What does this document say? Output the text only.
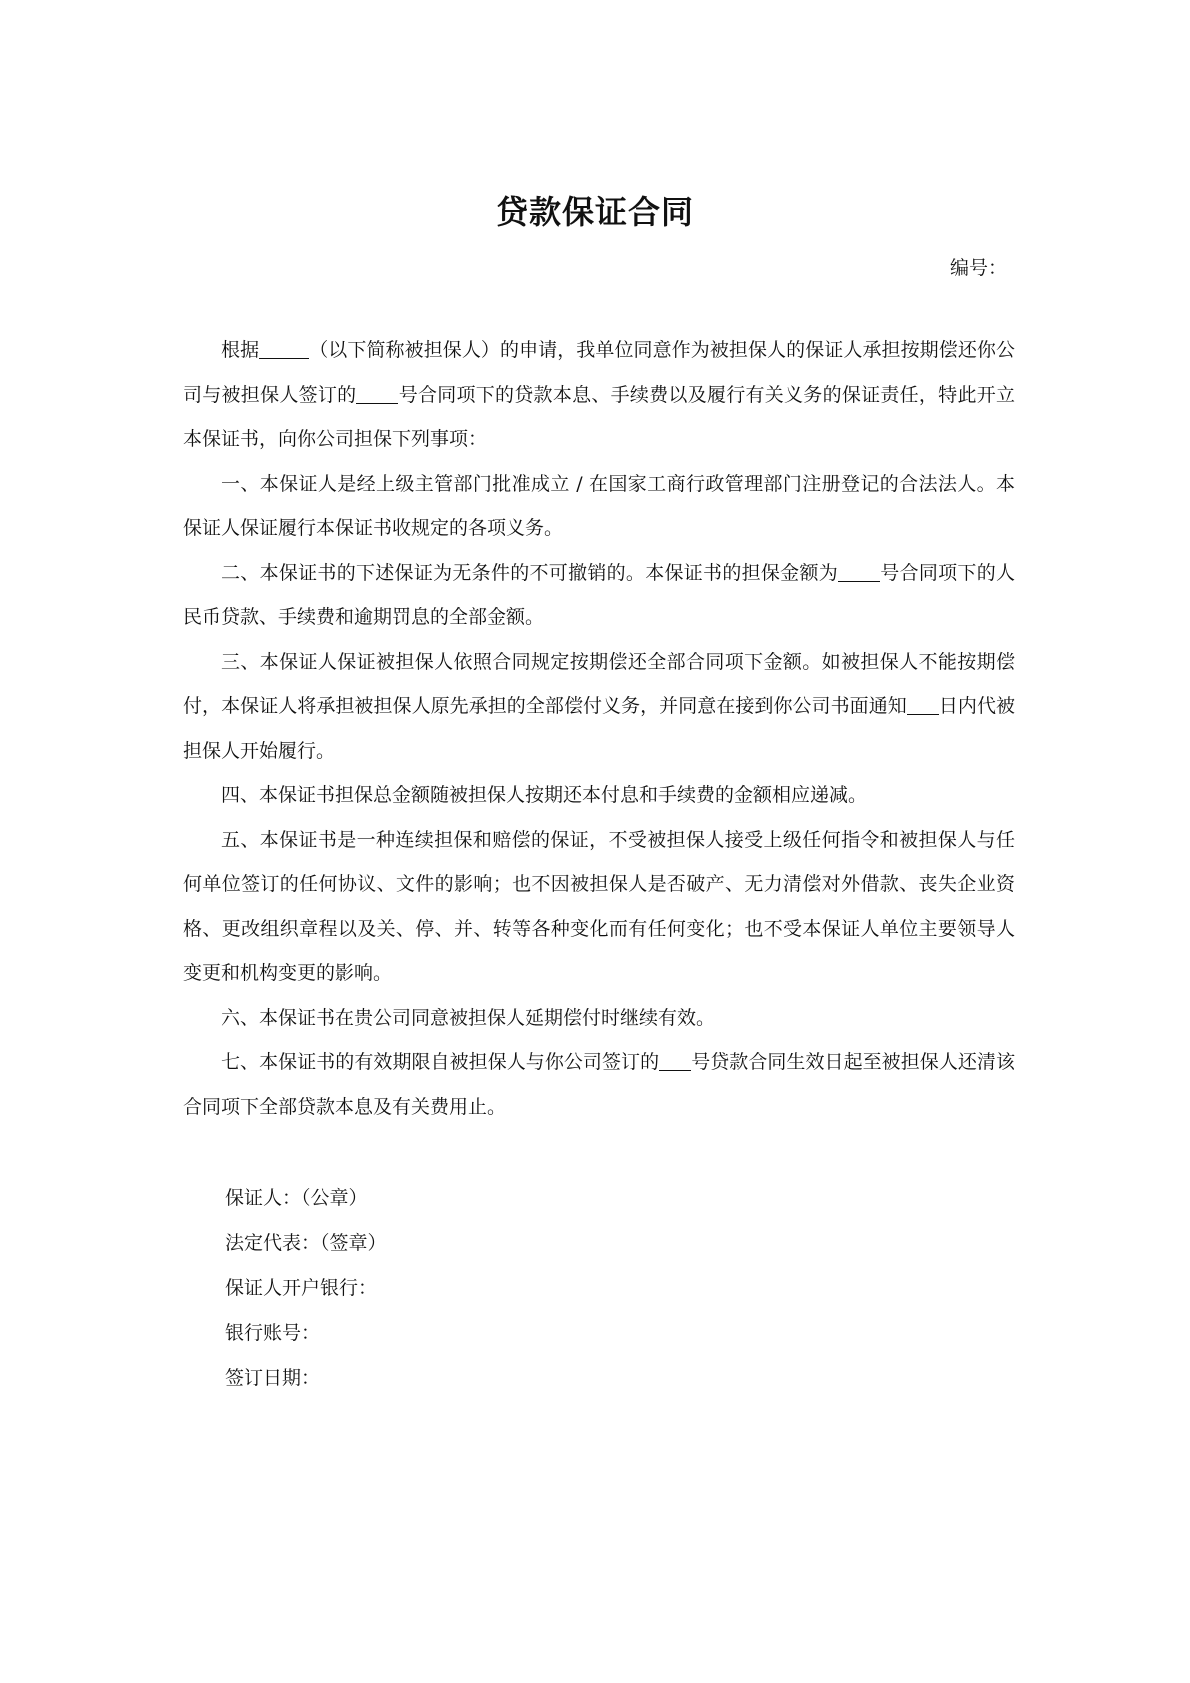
贷款保证合同
编号：

根据	（以下简称被担保人）的申请，我单位同意作为被担保人的保证人承担按期偿还你公司与被担保人签订的 号合同项下的贷款本息、手续费以及履行有关义务的保证责任，特此开立本保证书，向你公司担保下列事项：

一、本保证人是经上级主管部门批准成立 / 在国家工商行政管理部门注册登记的合法法人。本保证人保证履行本保证书收规定的各项义务。

二、本保证书的下述保证为无条件的不可撤销的。本保证书的担保金额为 号合同项下的人民币贷款、手续费和逾期罚息的全部金额。

三、本保证人保证被担保人依照合同规定按期偿还全部合同项下金额。如被担保人不能按期偿付，本保证人将承担被担保人原先承担的全部偿付义务，并同意在接到你公司书面通知 日内代被担保人开始履行。

四、本保证书担保总金额随被担保人按期还本付息和手续费的金额相应递减。

五、本保证书是一种连续担保和赔偿的保证，不受被担保人接受上级任何指令和被担保人与任何单位签订的任何协议、文件的影响；也不因被担保人是否破产、无力清偿对外借款、丧失企业资格、更改组织章程以及关、停、并、转等各种变化而有任何变化；也不受本保证人单位主要领导人变更和机构变更的影响。

六、本保证书在贵公司同意被担保人延期偿付时继续有效。

七、本保证书的有效期限自被担保人与你公司签订的 号贷款合同生效日起至被担保人还清该合同项下全部贷款本息及有关费用止。

保证人：（公章）
法定代表：（签章）
保证人开户银行：
银行账号：
签订日期：
